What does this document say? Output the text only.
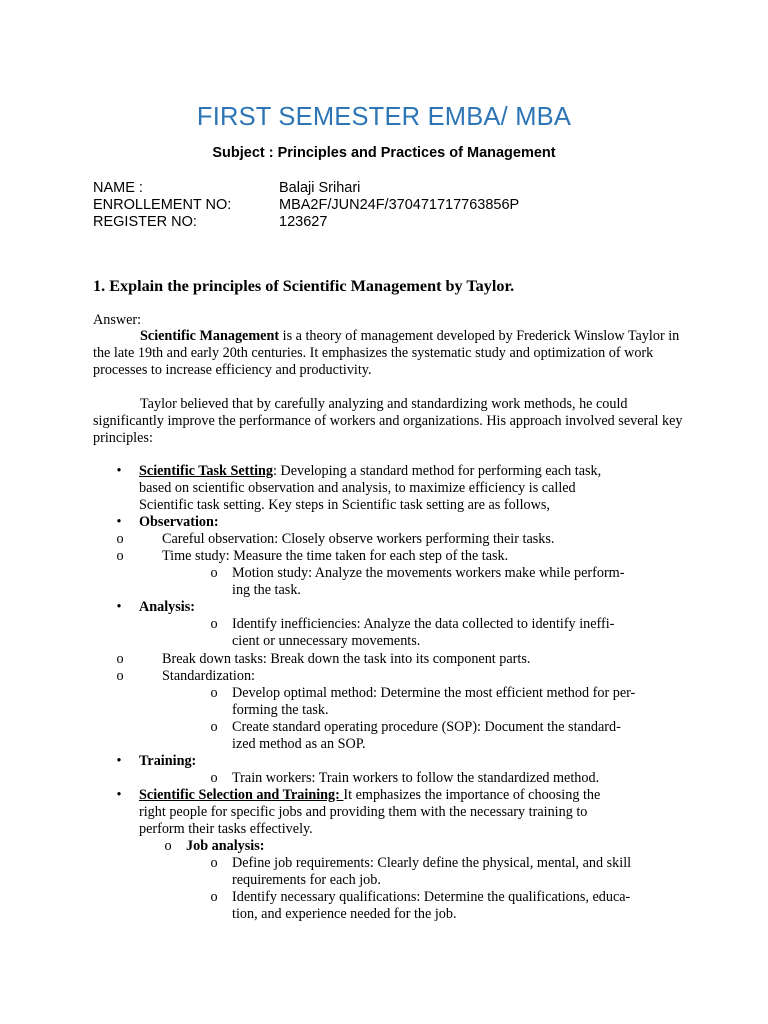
FIRST SEMESTER EMBA/ MBA
Subject : Principles and Practices of Management
NAME :	Balaji Srihari
ENROLLEMENT NO:	MBA2F/JUN24F/370471717763856P
REGISTER NO:	123627
1. Explain the principles of Scientific Management by Taylor.
Answer:
Scientific Management is a theory of management developed by Frederick Winslow Taylor in the late 19th and early 20th centuries. It emphasizes the systematic study and optimization of work processes to increase efficiency and productivity.
Taylor believed that by carefully analyzing and standardizing work methods, he could significantly improve the performance of workers and organizations. His approach involved several key principles:
• Scientific Task Setting: Developing a standard method for performing each task,
based on scientific observation and analysis, to maximize efficiency is called
Scientific task setting. Key steps in Scientific task setting are as follows,
• Observation:
o	Careful observation: Closely observe workers performing their tasks.
o	Time study: Measure the time taken for each step of the task.
o Motion study: Analyze the movements workers make while perform-
ing the task.
• Analysis:
o Identify inefficiencies: Analyze the data collected to identify ineffi-
cient or unnecessary movements.
o	Break down tasks: Break down the task into its component parts.
o	Standardization:
o Develop optimal method: Determine the most efficient method for per-
forming the task.
o Create standard operating procedure (SOP): Document the standard-
ized method as an SOP.
• Training:
o Train workers: Train workers to follow the standardized method.
• Scientific Selection and Training: It emphasizes the importance of choosing the
right people for specific jobs and providing them with the necessary training to
perform their tasks effectively.
o Job analysis:
o Define job requirements: Clearly define the physical, mental, and skill
requirements for each job.
o Identify necessary qualifications: Determine the qualifications, educa-
tion, and experience needed for the job.
